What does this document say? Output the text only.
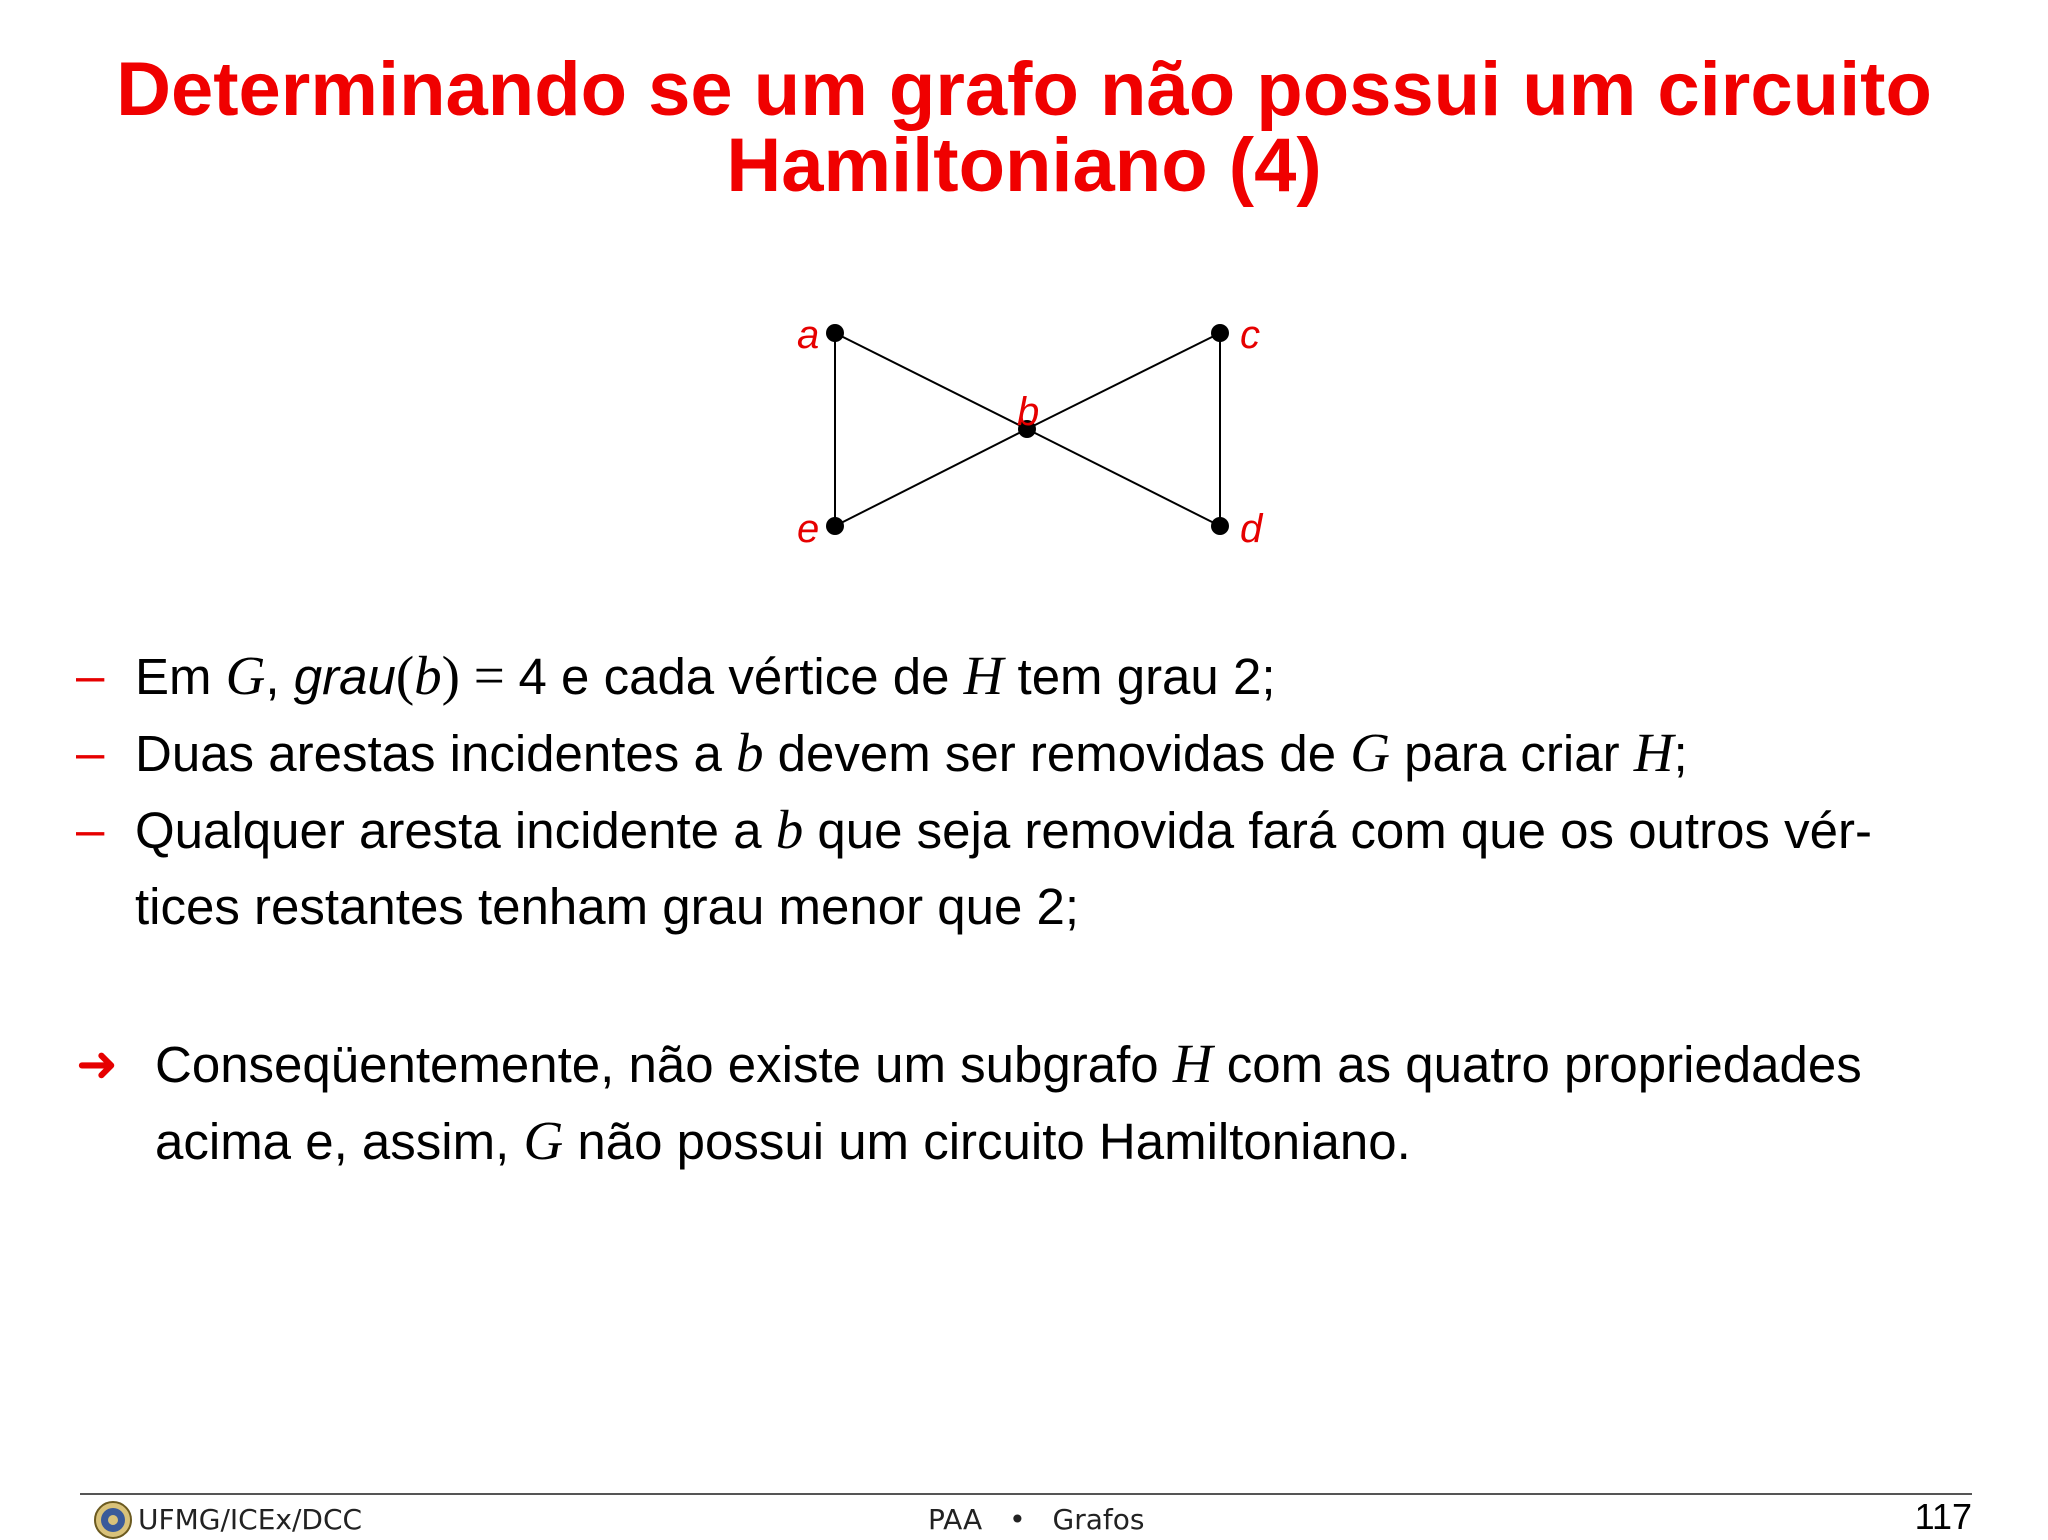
Determinando se um grafo não possui um circuito
Hamiltoniano (4)
a	c
b
e	d
– Em G, grau(b) = 4 e cada vértice de H tem grau 2;
– Duas arestas incidentes a b devem ser removidas de G para criar H;
– Qualquer aresta incidente a b que seja removida fará com que os outros vér-
tices restantes tenham grau menor que 2;
➜ Conseqüentemente, não existe um subgrafo H com as quatro propriedades
acima e, assim, G não possui um circuito Hamiltoniano.
UFMG/ICEx/DCC	PAA • Grafos	117
